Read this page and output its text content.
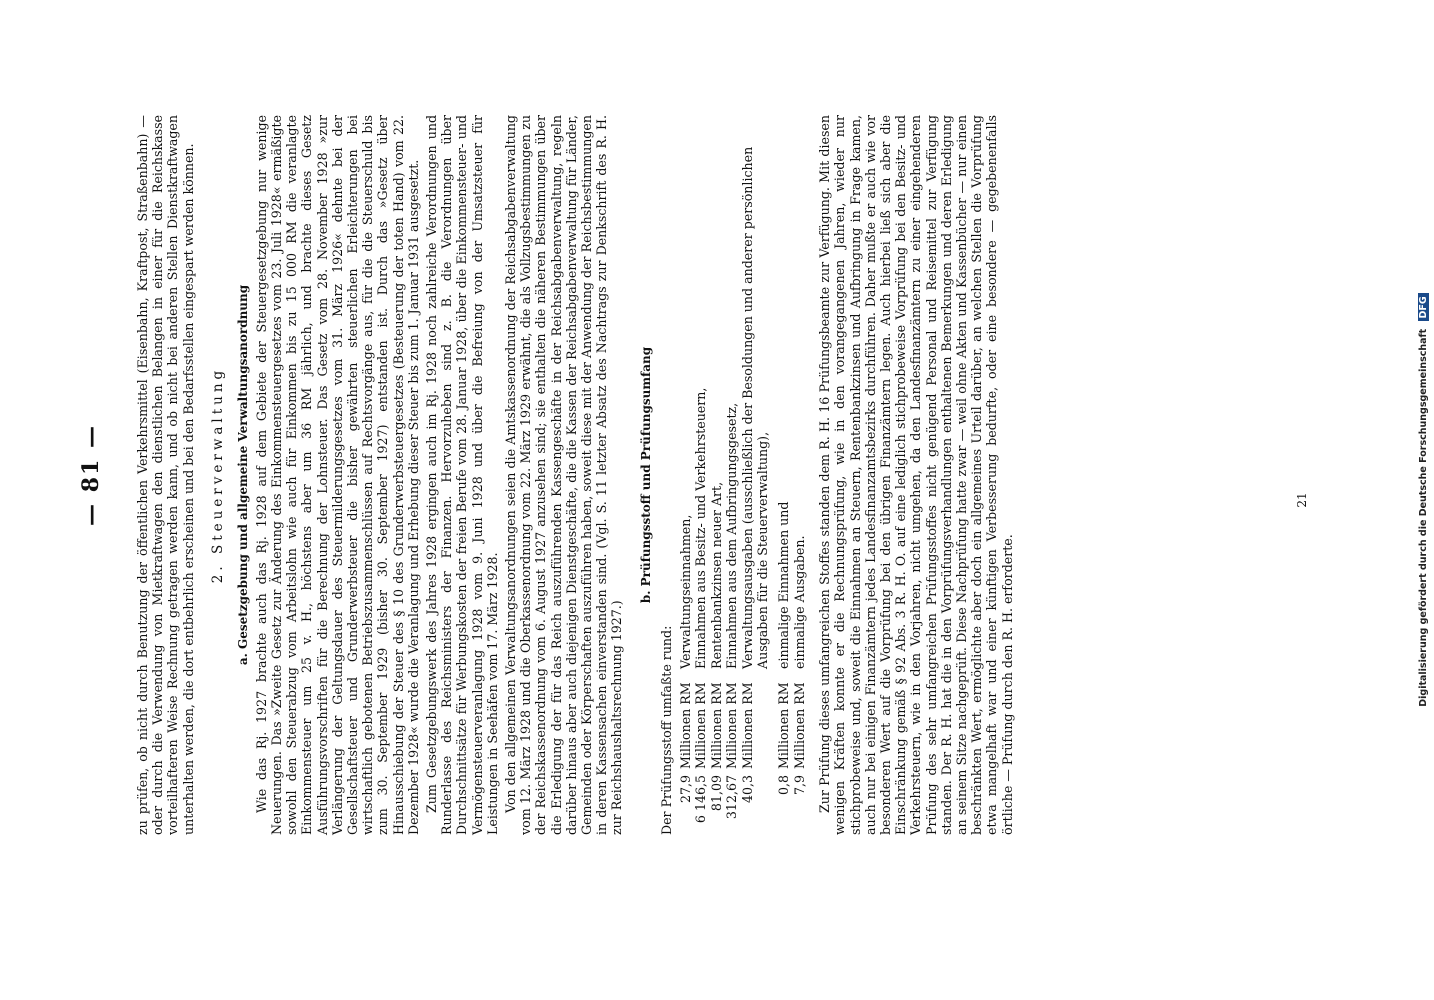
— 81 — zu prüfen, ob nicht durch Benutzung der öffentlichen Verkehrsmittel (Eisenbahn, Kraftpost, Straßenbahn) — oder durch die Verwendung von Mietkraftwagen den dienstlichen Belangen in einer für die Reichskasse vorteilhafteren Weise Rechnung getragen werden kann, und ob nicht bei anderen Stellen Dienstkraftwagen unterhalten werden, die dort entbehrlich erscheinen und bei den Bedarfsstellen eingespart werden können. 2. Steuerverwaltung a. Gesetzgebung und allgemeine Verwaltungsanordnung Wie das Rj. 1927 brachte auch das Rj. 1928 auf dem Gebiete der Steuergesetzgebung nur wenige Neuerungen. Das »Zweite Gesetz zur Änderung des Einkommensteuergesetzes vom 23. Juli 1928« ermäßigte sowohl den Steuerabzug vom Arbeitslohn wie auch für Einkommen bis zu 15 000 RM die veranlagte Einkommensteuer um 25 v. H., höchstens aber um 36 RM jährlich, und brachte dieses Gesetz Ausführungsvorschriften für die Berechnung der Lohnsteuer. Das Gesetz vom 28. November 1928 »zur Verlängerung der Geltungsdauer des Steuermilderungsgesetzes vom 31. März 1926« dehnte bei der Gesellschaftsteuer und Grunderwerbsteuer die bisher gewährten steuerlichen Erleichterungen bei wirtschaftlich gebotenen Betriebszusammenschlüssen auf Rechtsvorgänge aus, für die die Steuerschuld bis zum 30. September 1929 (bisher 30. September 1927) entstanden ist. Durch das »Gesetz über Hinausschiebung der Steuer des § 10 des Grunderwerbsteuergesetzes (Besteuerung der toten Hand) vom 22. Dezember 1928« wurde die Veranlagung und Erhebung dieser Steuer bis zum 1. Januar 1931 ausgesetzt. Zum Gesetzgebungswerk des Jahres 1928 ergingen auch im Rj. 1928 noch zahlreiche Verordnungen und Runderlasse des Reichsministers der Finanzen. Hervorzuheben sind z. B. die Verordnungen über Durchschnittsätze für Werbungskosten der freien Berufe vom 28. Januar 1928, über die Einkommensteuer- und Vermögensteuerveranlagung 1928 vom 9. Juni 1928 und über die Befreiung von der Umsatzsteuer für Leistungen in Seehäfen vom 17. März 1928. Von den allgemeinen Verwaltungsanordnungen seien die Amtskassenordnung der Reichsabgabenverwaltung vom 12. März 1928 und die Oberkassenordnung vom 22. März 1929 erwähnt, die als Vollzugsbestimmungen zu der Reichskassenordnung vom 6. August 1927 anzusehen sind; sie enthalten die näheren Bestimmungen über die Erledigung der für das Reich auszuführenden Kassengeschäfte in der Reichsabgabenverwaltung, regeln darüber hinaus aber auch diejenigen Dienstgeschäfte, die die Kassen der Reichsabgabenverwaltung für Länder, Gemeinden oder Körperschaften auszuführen haben, soweit diese mit der Anwendung der Reichsbestimmungen in deren Kassensachen einverstanden sind. (Vgl. S. 11 letzter Absatz des Nachtrags zur Denkschrift des R. H. zur Reichshaushaltsrechnung 1927.)

b. Prüfungsstoff und Prüfungsumfang

Der Prüfungsstoff umfaßte rund: 27,9
Millionen RM
Verwaltungseinnahmen,
6 146,5
Millionen RM
Einnahmen aus Besitz- und Verkehrsteuern,
81,09
Millionen RM
Rentenbankzinsen neuer Art,
312,67
Millionen RM
Einnahmen aus dem Aufbringungsgesetz,
40,3
Millionen RM
Verwaltungsausgaben (ausschließlich der Besoldungen und anderer persönlichen Ausgaben für die Steuerverwaltung),
0,8
Millionen RM
einmalige Einnahmen und
7,9
Millionen RM
einmalige Ausgaben. Zur Prüfung dieses umfangreichen Stoffes standen dem R. H. 16 Prüfungsbeamte zur Verfügung. Mit diesen wenigen Kräften konnte er die Rechnungsprüfung, wie in den vorangegangenen Jahren, wieder nur stichprobeweise und, soweit die Einnahmen an Steuern, Rentenbankzinsen und Aufbringung in Frage kamen, auch nur bei einigen Finanzämtern jedes Landesfinanzamtsbezirks durchführen. Daher mußte er auch wie vor besonderen Wert auf die Vorprüfung bei den übrigen Finanzämtern legen. Auch hierbei ließ sich aber die Einschränkung gemäß § 92 Abs. 3 R. H. O. auf eine lediglich stichprobeweise Vorprüfung bei den Besitz- und Verkehrsteuern, wie in den Vorjahren, nicht umgehen, da den Landesfinanzämtern zu einer eingehenderen Prüfung des sehr umfangreichen Prüfungsstoffes nicht genügend Personal und Reisemittel zur Verfügung standen. Der R. H. hat die in den Vorprüfungsverhandlungen enthaltenen Bemerkungen und deren Erledigung an seinem Sitze nachgeprüft. Diese Nachprüfung hatte zwar — weil ohne Akten und Kassenbücher — nur einen beschränkten Wert, ermöglichte aber doch ein allgemeines Urteil darüber, an welchen Stellen die Vorprüfung etwa mangelhaft war und einer künftigen Verbesserung bedurfte, oder eine besondere — gegebenenfalls örtliche — Prüfung durch den R. H. erforderte.

21	Digitalisierung gefördert durch die Deutsche Forschungsgemeinschaft DFG
